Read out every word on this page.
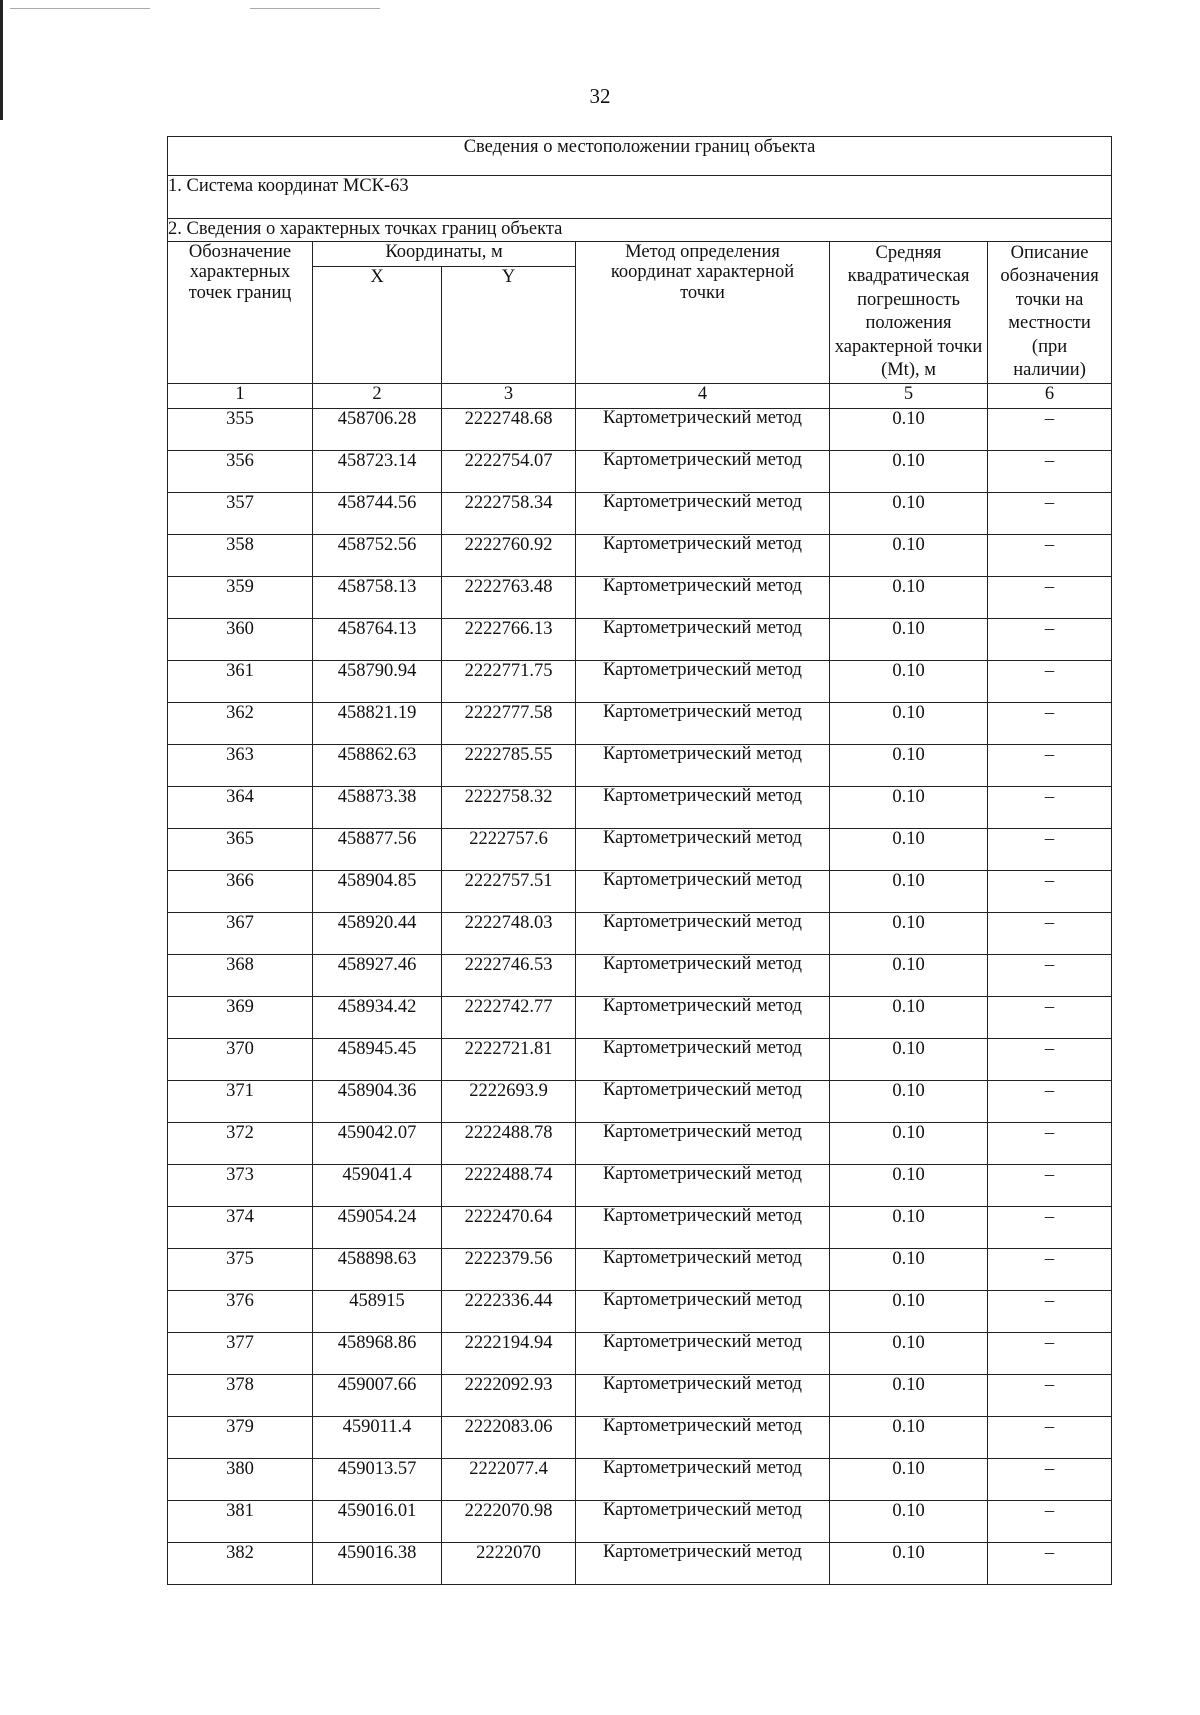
32
Сведения о местоположении границ объекта					
1. Система координат МСК-63					
2. Сведения о характерных точках границ объекта					
Обозначение характерных точек границ	Координаты, м		Метод определения координат характерной точки	Средняя квадратическая погрешность положения характерной точки (Mt), м	Описание обозначения точки на местности (при наличии)
	X	Y			
1	2	3	4	5	6
355	458706.28	2222748.68	Картометрический метод	0.10	–
356	458723.14	2222754.07	Картометрический метод	0.10	–
357	458744.56	2222758.34	Картометрический метод	0.10	–
358	458752.56	2222760.92	Картометрический метод	0.10	–
359	458758.13	2222763.48	Картометрический метод	0.10	–
360	458764.13	2222766.13	Картометрический метод	0.10	–
361	458790.94	2222771.75	Картометрический метод	0.10	–
362	458821.19	2222777.58	Картометрический метод	0.10	–
363	458862.63	2222785.55	Картометрический метод	0.10	–
364	458873.38	2222758.32	Картометрический метод	0.10	–
365	458877.56	2222757.6	Картометрический метод	0.10	–
366	458904.85	2222757.51	Картометрический метод	0.10	–
367	458920.44	2222748.03	Картометрический метод	0.10	–
368	458927.46	2222746.53	Картометрический метод	0.10	–
369	458934.42	2222742.77	Картометрический метод	0.10	–
370	458945.45	2222721.81	Картометрический метод	0.10	–
371	458904.36	2222693.9	Картометрический метод	0.10	–
372	459042.07	2222488.78	Картометрический метод	0.10	–
373	459041.4	2222488.74	Картометрический метод	0.10	–
374	459054.24	2222470.64	Картометрический метод	0.10	–
375	458898.63	2222379.56	Картометрический метод	0.10	–
376	458915	2222336.44	Картометрический метод	0.10	–
377	458968.86	2222194.94	Картометрический метод	0.10	–
378	459007.66	2222092.93	Картометрический метод	0.10	–
379	459011.4	2222083.06	Картометрический метод	0.10	–
380	459013.57	2222077.4	Картометрический метод	0.10	–
381	459016.01	2222070.98	Картометрический метод	0.10	–
382	459016.38	2222070	Картометрический метод	0.10	–
